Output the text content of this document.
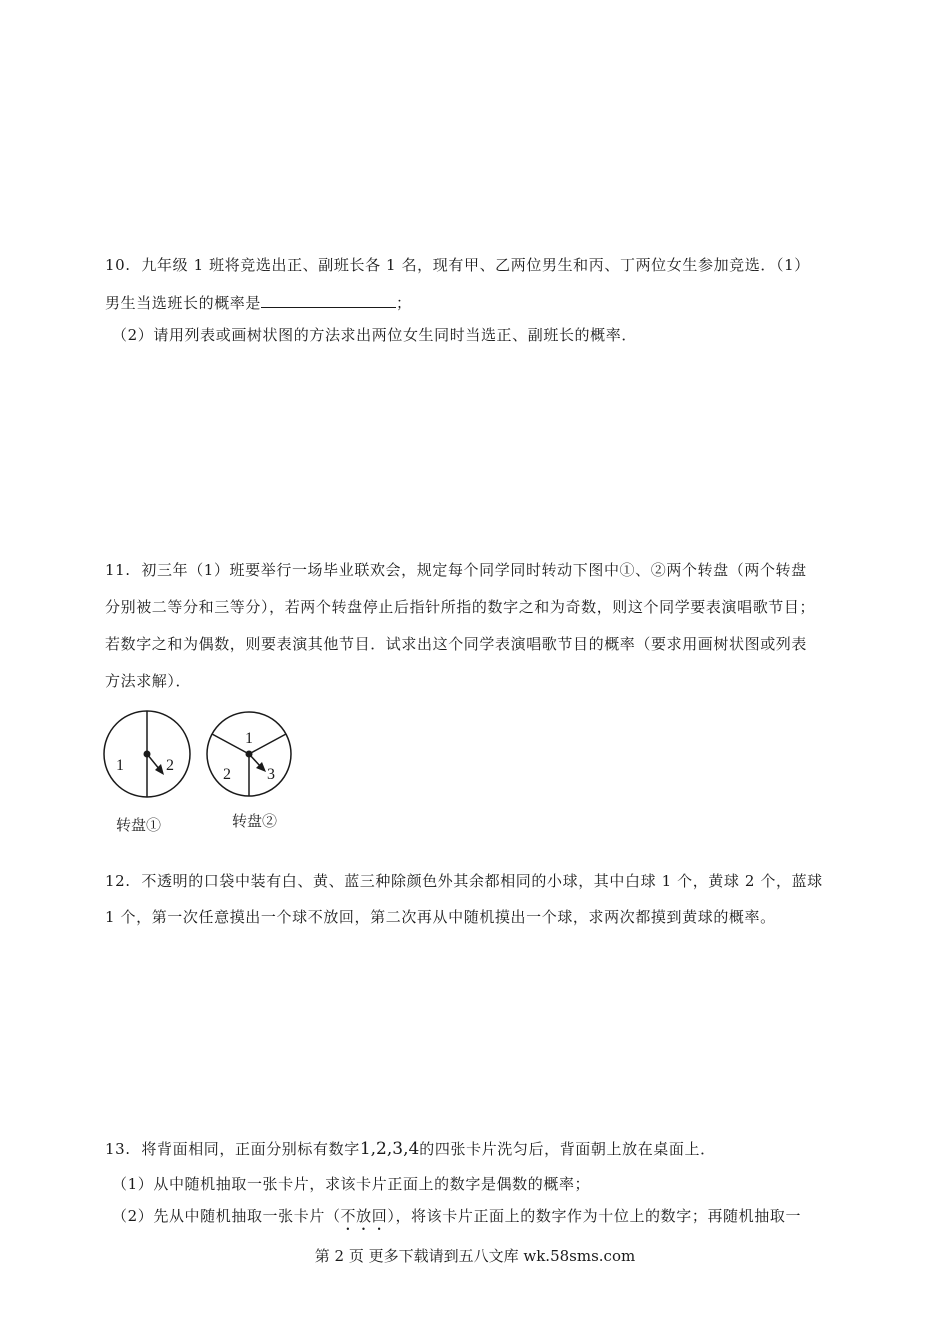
10. 九年级 1 班将竞选出正、副班长各 1 名，现有甲、乙两位男生和丙、丁两位女生参加竞选．（1）
男生当选班长的概率是	；
（2）请用列表或画树状图的方法求出两位女生同时当选正、副班长的概率．
11. 初三年（1）班要举行一场毕业联欢会，规定每个同学同时转动下图中①、②两个转盘（两个转盘
分别被二等分和三等分），若两个转盘停止后指针所指的数字之和为奇数，则这个同学要表演唱歌节目；
若数字之和为偶数，则要表演其他节目．试求出这个同学表演唱歌节目的概率（要求用画树状图或列表
方法求解）．
1	2
转盘①
1
2 3
转盘②
12. 不透明的口袋中装有白、黄、蓝三种除颜色外其余都相同的小球，其中白球 1 个，黄球 2 个，蓝球
1 个，第一次任意摸出一个球不放回，第二次再从中随机摸出一个球，求两次都摸到黄球的概率。
13. 将背面相同，正面分别标有数字1,2,3,4的四张卡片洗匀后，背面朝上放在桌面上．
（1）从中随机抽取一张卡片，求该卡片正面上的数字是偶数的概率；
（2）先从中随机抽取一张卡片（不放回），将该卡片正面上的数字作为十位上的数字；再随机抽取一
第 2 页 更多下载请到五八文库 wk.58sms.com
